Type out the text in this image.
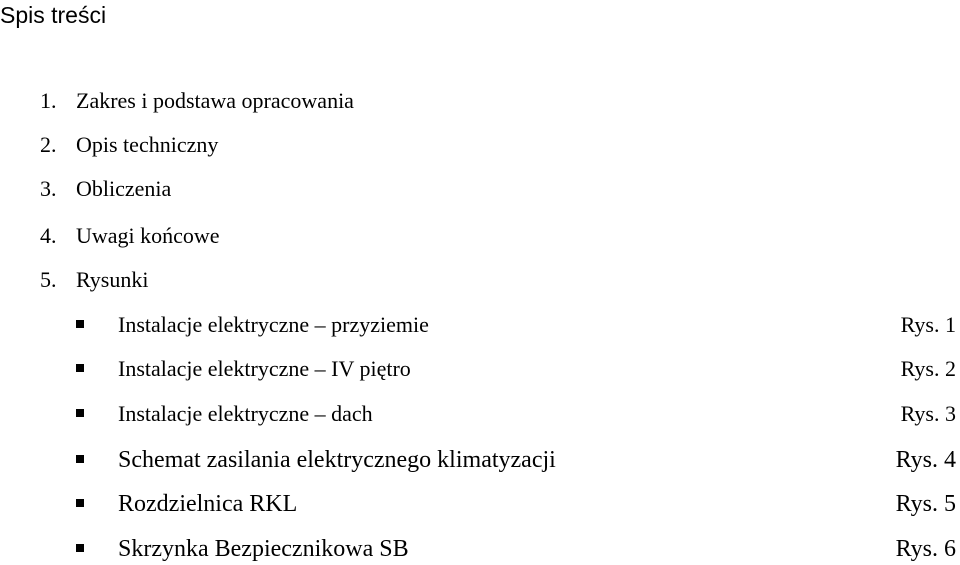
Spis treści
1. Zakres i podstawa opracowania
2. Opis techniczny
3. Obliczenia
4. Uwagi końcowe
5. Rysunki
Instalacje elektryczne – przyziemie	Rys. 1
Instalacje elektryczne – IV piętro	Rys. 2
Instalacje elektryczne – dach	Rys. 3
Schemat zasilania elektrycznego klimatyzacji	Rys. 4
Rozdzielnica RKL	Rys. 5
Skrzynka Bezpiecznikowa SB	Rys. 6
